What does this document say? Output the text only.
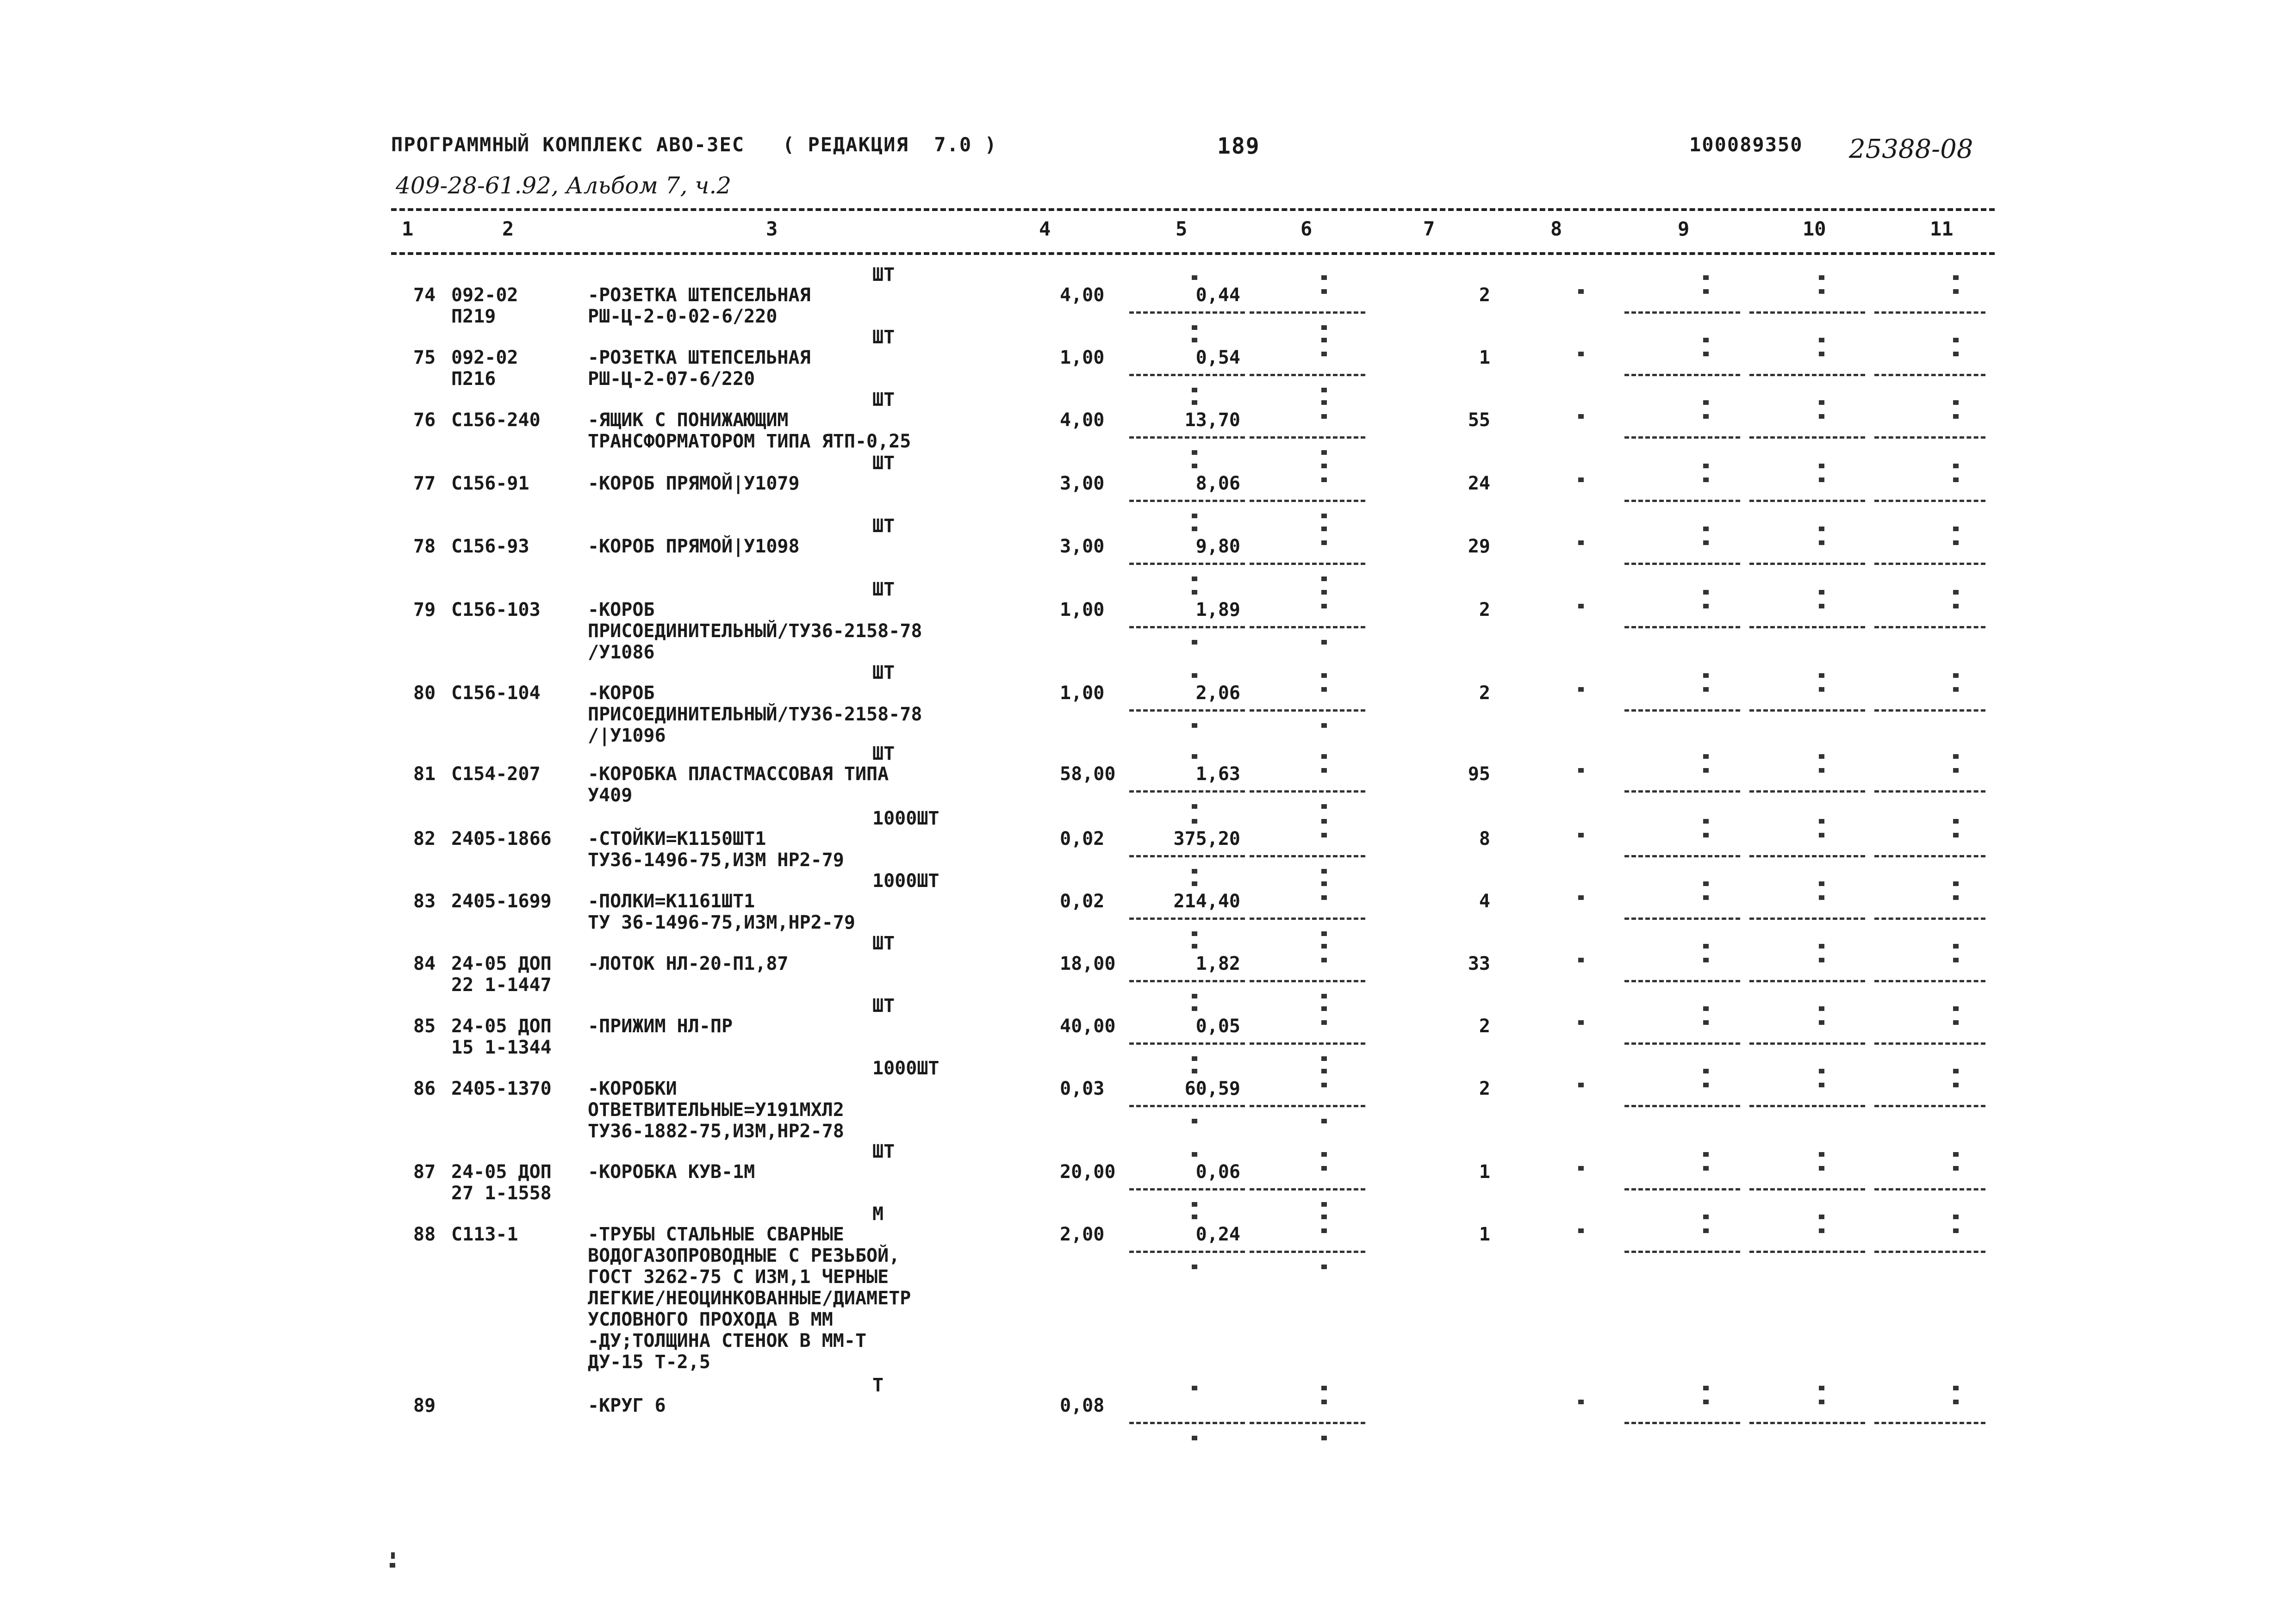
ПРОГРАММНЫЙ КОМПЛЕКС АВО-3ЕС   ( РЕДАКЦИЯ  7.0 )	189	100089350 25388-08
409-28-61.92, Альбом 7, ч.2
1	2	3	4	5	6	7	8	9	10	11
ШТ
74 092-02
П219
-РОЗЕТКА ШТЕПСЕЛЬНАЯ
РШ-Ц-2-0-02-6/220
4,00	0,44	2
ШТ
75 092-02
П216
-РОЗЕТКА ШТЕПСЕЛЬНАЯ
РШ-Ц-2-07-6/220
1,00	0,54	1
ШТ
76 С156-240	-ЯЩИК С ПОНИЖАЮЩИМ
ТРАНСФОРМАТОРОМ ТИПА ЯТП-0,25
4,00	13,70	55
ШТ
77 С156-91	-КОРОБ ПРЯМОЙ|У1079	3,00	8,06	24
ШТ
78 С156-93	-КОРОБ ПРЯМОЙ|У1098	3,00	9,80	29
ШТ
79 С156-103	-КОРОБ
ПРИСОЕДИНИТЕЛЬНЫЙ/ТУ36-2158-78
/У1086
1,00	1,89	2
ШТ
80 С156-104	-КОРОБ
ПРИСОЕДИНИТЕЛЬНЫЙ/ТУ36-2158-78
/|У1096
1,00	2,06	2
ШТ
81 С154-207	-КОРОБКА ПЛАСТМАССОВАЯ ТИПА
У409
58,00	1,63	95
1000ШТ
82 2405-1866 -СТОЙКИ=К1150ШТ1
ТУ36-1496-75,ИЗМ НР2-79
0,02	375,20	8
1000ШТ
83 2405-1699 -ПОЛКИ=К1161ШТ1
ТУ 36-1496-75,ИЗМ,НР2-79
0,02	214,40	4
ШТ
84 24-05 ДОП
22 1-1447
-ЛОТОК НЛ-20-П1,87	18,00	1,82	33
ШТ
85 24-05 ДОП
15 1-1344
-ПРИЖИМ НЛ-ПР	40,00	0,05	2
1000ШТ
86 2405-1370 -КОРОБКИ
ОТВЕТВИТЕЛЬНЫЕ=У191МХЛ2
ТУ36-1882-75,ИЗМ,НР2-78
0,03	60,59	2
ШТ
87 24-05 ДОП
27 1-1558
-КОРОБКА КУВ-1М	20,00	0,06	1
М
88 С113-1	-ТРУБЫ СТАЛЬНЫЕ СВАРНЫЕ
ВОДОГАЗОПРОВОДНЫЕ С РЕЗЬБОЙ,
ГОСТ 3262-75 С ИЗМ,1 ЧЕРНЫЕ
ЛЕГКИЕ/НЕОЦИНКОВАННЫЕ/ДИАМЕТР
УСЛОВНОГО ПРОХОДА В ММ
-ДУ;ТОЛЩИНА СТЕНОК В ММ-Т
ДУ-15 Т-2,5
2,00	0,24	1
Т
89	-КРУГ 6	0,08
